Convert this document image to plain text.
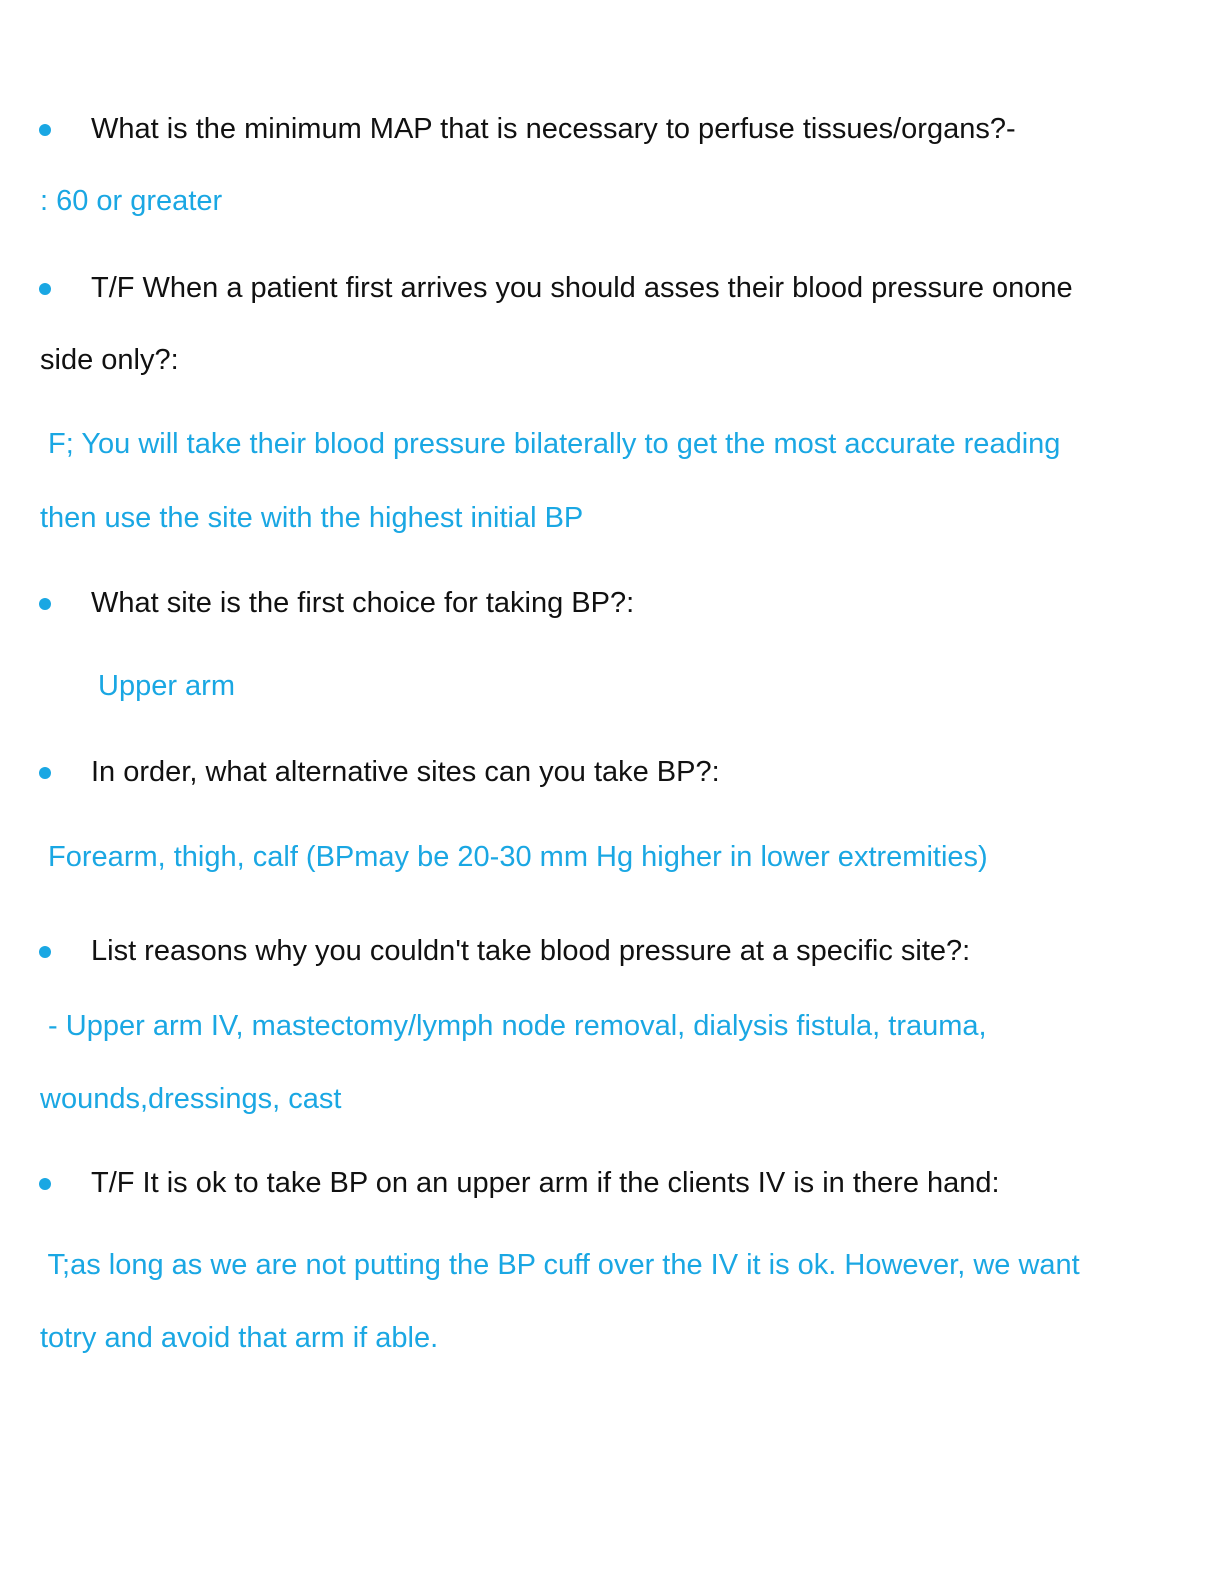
What is the minimum MAP that is necessary to perfuse tissues/organs?-
: 60 or greater
T/F When a patient first arrives you should asses their blood pressure onone
side only?:
F; You will take their blood pressure bilaterally to get the most accurate reading
then use the site with the highest initial BP
What site is the first choice for taking BP?:
Upper arm
In order, what alternative sites can you take BP?:
Forearm, thigh, calf (BPmay be 20-30 mm Hg higher in lower extremities)
List reasons why you couldn't take blood pressure at a specific site?:
- Upper arm IV, mastectomy/lymph node removal, dialysis fistula, trauma,
wounds,dressings, cast
T/F It is ok to take BP on an upper arm if the clients IV is in there hand:
T;as long as we are not putting the BP cuff over the IV it is ok. However, we want
totry and avoid that arm if able.
